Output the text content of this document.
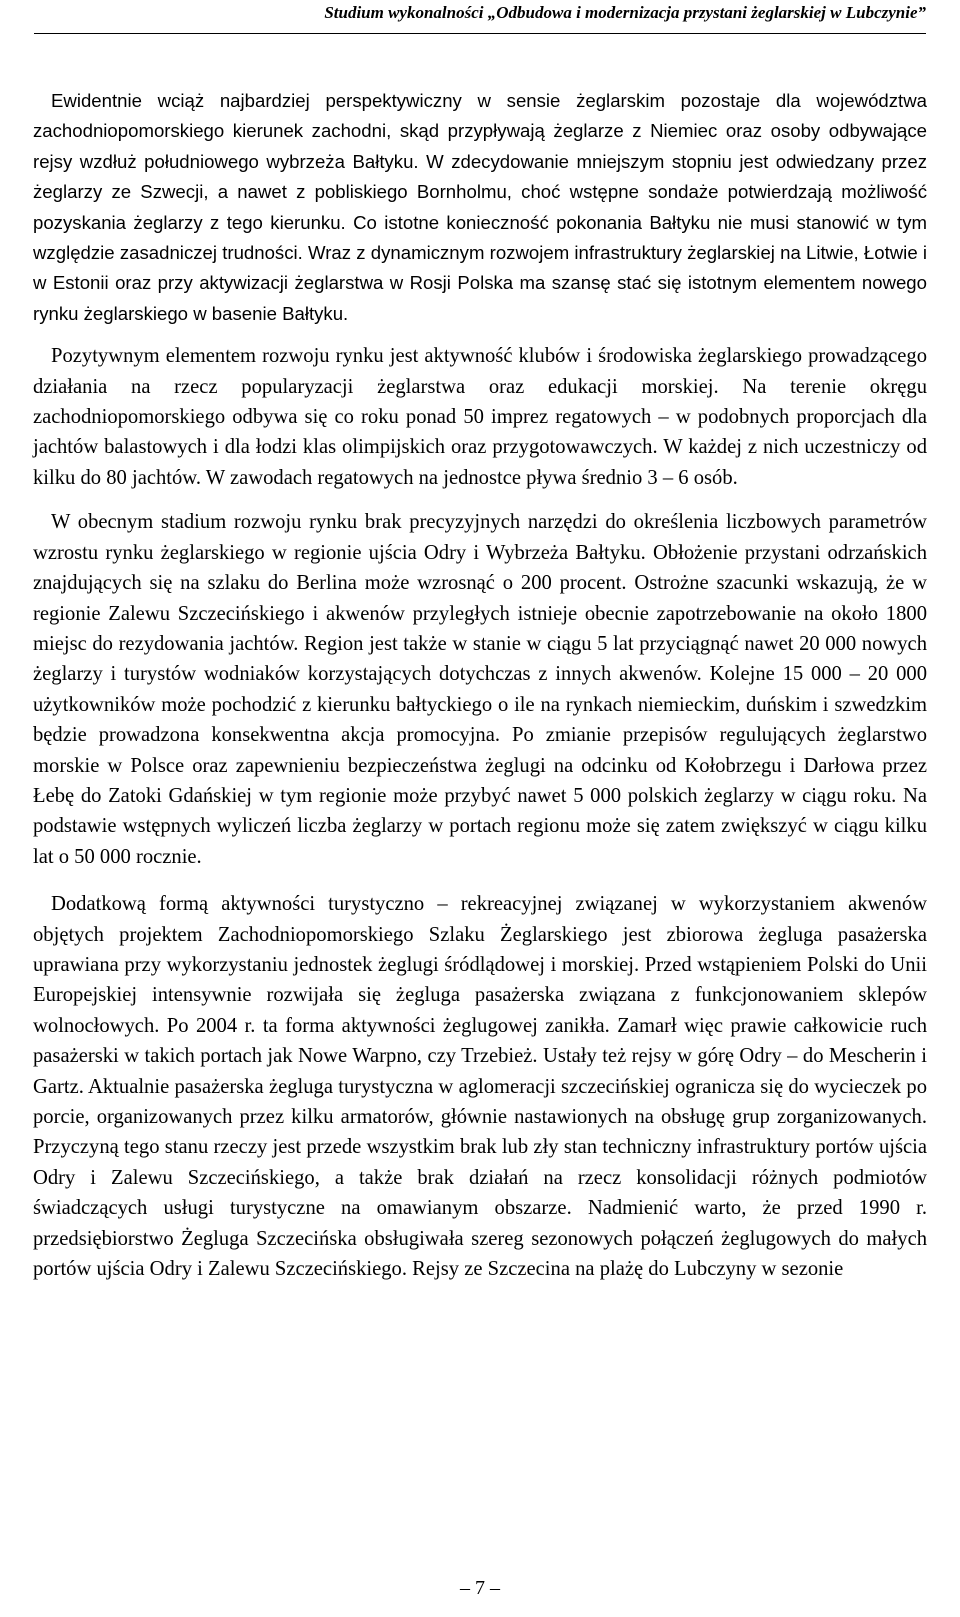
Studium wykonalności „Odbudowa i modernizacja przystani żeglarskiej w Lubczynie”

Ewidentnie wciąż najbardziej perspektywiczny w sensie żeglarskim pozostaje dla województwa zachodniopomorskiego kierunek zachodni, skąd przypływają żeglarze z Niemiec oraz osoby odbywające rejsy wzdłuż południowego wybrzeża Bałtyku. W zdecydowanie mniejszym stopniu jest odwiedzany przez żeglarzy ze Szwecji, a nawet z pobliskiego Bornholmu, choć wstępne sondaże potwierdzają możliwość pozyskania żeglarzy z tego kierunku. Co istotne konieczność pokonania Bałtyku nie musi stanowić w tym względzie zasadniczej trudności. Wraz z dynamicznym rozwojem infrastruktury żeglarskiej na Litwie, Łotwie i w Estonii oraz przy aktywizacji żeglarstwa w Rosji Polska ma szansę stać się istotnym elementem nowego rynku żeglarskiego w basenie Bałtyku.

Pozytywnym elementem rozwoju rynku jest aktywność klubów i środowiska żeglarskiego prowadzącego działania na rzecz popularyzacji żeglarstwa oraz edukacji morskiej. Na terenie okręgu zachodniopomorskiego odbywa się co roku ponad 50 imprez regatowych – w podobnych proporcjach dla jachtów balastowych i dla łodzi klas olimpijskich oraz przygotowawczych. W każdej z nich uczestniczy od kilku do 80 jachtów. W zawodach regatowych na jednostce pływa średnio 3 – 6 osób.

W obecnym stadium rozwoju rynku brak precyzyjnych narzędzi do określenia liczbowych parametrów wzrostu rynku żeglarskiego w regionie ujścia Odry i Wybrzeża Bałtyku. Obłożenie przystani odrzańskich znajdujących się na szlaku do Berlina może wzrosnąć o 200 procent. Ostrożne szacunki wskazują, że w regionie Zalewu Szczecińskiego i akwenów przyległych istnieje obecnie zapotrzebowanie na około 1800 miejsc do rezydowania jachtów. Region jest także w stanie w ciągu 5 lat przyciągnąć nawet 20 000 nowych żeglarzy i turystów wodniaków korzystających dotychczas z innych akwenów. Kolejne 15 000 – 20 000 użytkowników może pochodzić z kierunku bałtyckiego o ile na rynkach niemieckim, duńskim i szwedzkim będzie prowadzona konsekwentna akcja promocyjna. Po zmianie przepisów regulujących żeglarstwo morskie w Polsce oraz zapewnieniu bezpieczeństwa żeglugi na odcinku od Kołobrzegu i Darłowa przez Łebę do Zatoki Gdańskiej w tym regionie może przybyć nawet 5 000 polskich żeglarzy w ciągu roku. Na podstawie wstępnych wyliczeń liczba żeglarzy w portach regionu może się zatem zwiększyć w ciągu kilku lat o 50 000 rocznie.

Dodatkową formą aktywności turystyczno – rekreacyjnej związanej w wykorzystaniem akwenów objętych projektem Zachodniopomorskiego Szlaku Żeglarskiego jest zbiorowa żegluga pasażerska uprawiana przy wykorzystaniu jednostek żeglugi śródlądowej i morskiej. Przed wstąpieniem Polski do Unii Europejskiej intensywnie rozwijała się żegluga pasażerska związana z funkcjonowaniem sklepów wolnocłowych. Po 2004 r. ta forma aktywności żeglugowej zanikła. Zamarł więc prawie całkowicie ruch pasażerski w takich portach jak Nowe Warpno, czy Trzebież. Ustały też rejsy w górę Odry – do Mescherin i Gartz. Aktualnie pasażerska żegluga turystyczna w aglomeracji szczecińskiej ogranicza się do wycieczek po porcie, organizowanych przez kilku armatorów, głównie nastawionych na obsługę grup zorganizowanych. Przyczyną tego stanu rzeczy jest przede wszystkim brak lub zły stan techniczny infrastruktury portów ujścia Odry i Zalewu Szczecińskiego, a także brak działań na rzecz konsolidacji różnych podmiotów świadczących usługi turystyczne na omawianym obszarze. Nadmienić warto, że przed 1990 r. przedsiębiorstwo Żegluga Szczecińska obsługiwała szereg sezonowych połączeń żeglugowych do małych portów ujścia Odry i Zalewu Szczecińskiego. Rejsy ze Szczecina na plażę do Lubczyny w sezonie

– 7 –
